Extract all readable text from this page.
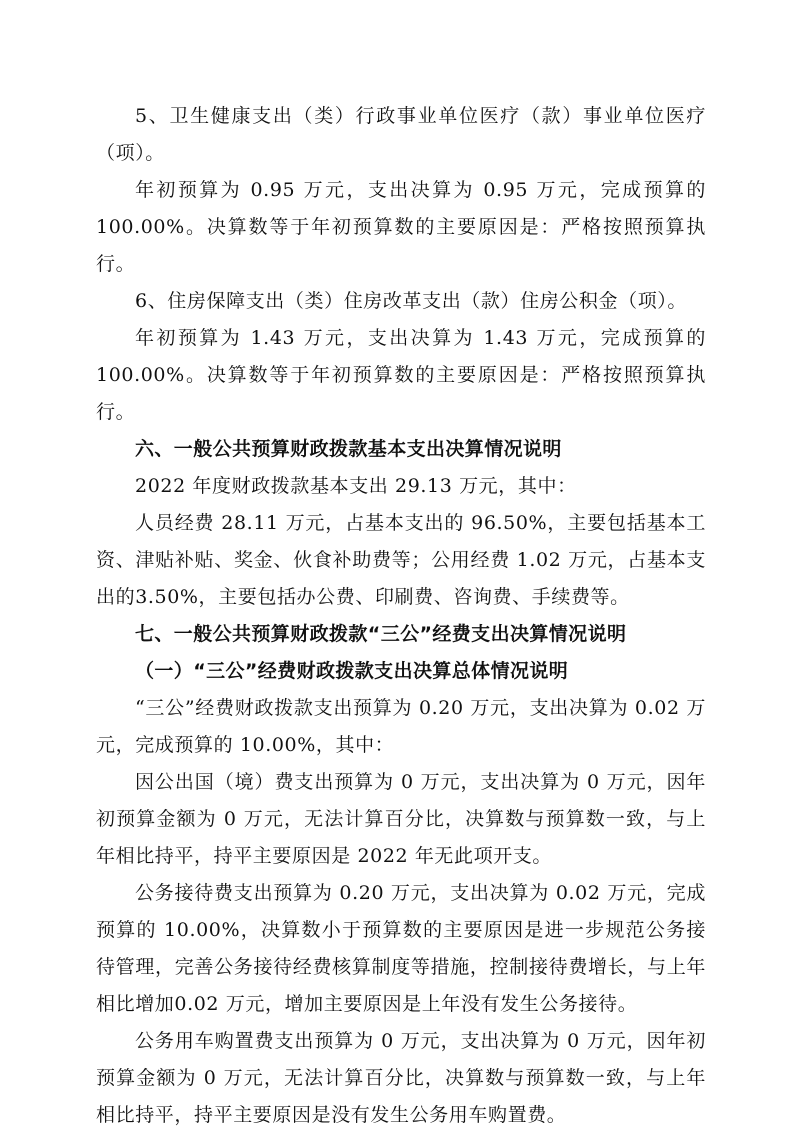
5、卫生健康支出（类）行政事业单位医疗（款）事业单位医疗（项）。

年初预算为 0.95 万元，支出决算为 0.95 万元，完成预算的100.00%。决算数等于年初预算数的主要原因是：严格按照预算执行。

6、住房保障支出（类）住房改革支出（款）住房公积金（项）。

年初预算为 1.43 万元，支出决算为 1.43 万元，完成预算的100.00%。决算数等于年初预算数的主要原因是：严格按照预算执行。

六、一般公共预算财政拨款基本支出决算情况说明

2022 年度财政拨款基本支出 29.13 万元，其中：

人员经费 28.11 万元，占基本支出的 96.50%，主要包括基本工资、津贴补贴、奖金、伙食补助费等；公用经费 1.02 万元，占基本支出的3.50%，主要包括办公费、印刷费、咨询费、手续费等。

七、一般公共预算财政拨款“三公”经费支出决算情况说明

（一）“三公”经费财政拨款支出决算总体情况说明

“三公”经费财政拨款支出预算为 0.20 万元，支出决算为 0.02 万元，完成预算的 10.00%，其中：

因公出国（境）费支出预算为 0 万元，支出决算为 0 万元，因年初预算金额为 0 万元，无法计算百分比，决算数与预算数一致，与上年相比持平，持平主要原因是 2022 年无此项开支。

公务接待费支出预算为 0.20 万元，支出决算为 0.02 万元，完成预算的 10.00%，决算数小于预算数的主要原因是进一步规范公务接待管理，完善公务接待经费核算制度等措施，控制接待费增长，与上年相比增加0.02 万元，增加主要原因是上年没有发生公务接待。

公务用车购置费支出预算为 0 万元，支出决算为 0 万元，因年初预算金额为 0 万元，无法计算百分比，决算数与预算数一致，与上年相比持平，持平主要原因是没有发生公务用车购置费。
